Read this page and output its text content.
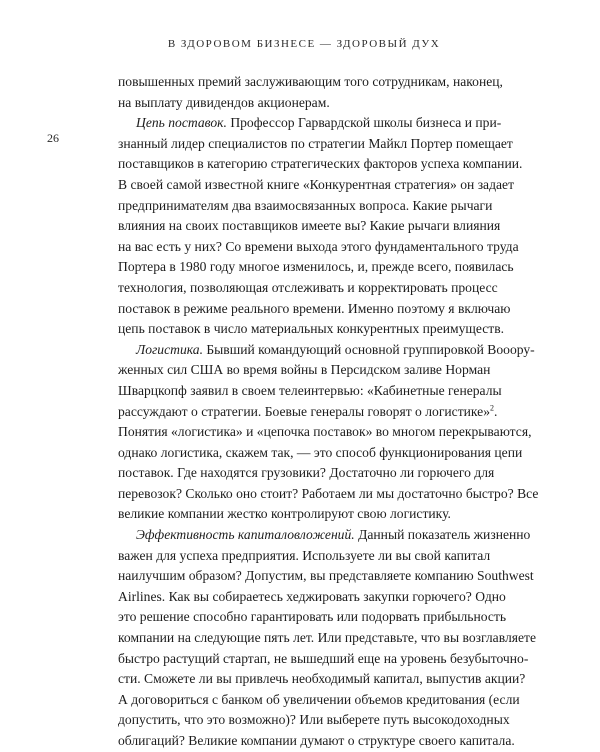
В ЗДОРОВОМ БИЗНЕСЕ — ЗДОРОВЫЙ ДУХ
26
повышенных премий заслуживающим того сотрудникам, наконец,
на выплату дивидендов акционерам.
Цепь поставок. Профессор Гарвардской школы бизнеса и при-
знанный лидер специалистов по стратегии Майкл Портер помещает
поставщиков в категорию стратегических факторов успеха компании.
В своей самой известной книге «Конкурентная стратегия» он задает
предпринимателям два взаимосвязанных вопроса. Какие рычаги
влияния на своих поставщиков имеете вы? Какие рычаги влияния
на вас есть у них? Со времени выхода этого фундаментального труда
Портера в 1980 году многое изменилось, и, прежде всего, появилась
технология, позволяющая отслеживать и корректировать процесс
поставок в режиме реального времени. Именно поэтому я включаю
цепь поставок в число материальных конкурентных преимуществ.
Логистика. Бывший командующий основной группировкой Вооору-
женных сил США во время войны в Персидском заливе Норман
Шварцкопф заявил в своем телеинтервью: «Кабинетные генералы
рассуждают о стратегии. Боевые генералы говорят о логистике»$^2$.
Понятия «логистика» и «цепочка поставок» во многом перекрываются,
однако логистика, скажем так, — это способ функционирования цепи
поставок. Где находятся грузовики? Достаточно ли горючего для
перевозок? Сколько оно стоит? Работаем ли мы достаточно быстро? Все
великие компании жестко контролируют свою логистику.
Эффективность капиталовложений. Данный показатель жизненно
важен для успеха предприятия. Используете ли вы свой капитал
наилучшим образом? Допустим, вы представляете компанию Southwest
Airlines. Как вы собираетесь хеджировать закупки горючего? Одно
это решение способно гарантировать или подорвать прибыльность
компании на следующие пять лет. Или представьте, что вы возглавляете
быстро растущий стартап, не вышедший еще на уровень безубыточно-
сти. Сможете ли вы привлечь необходимый капитал, выпустив акции?
А договориться с банком об увеличении объемов кредитования (если
допустить, что это возможно)? Или выберете путь высокодоходных
облигаций? Великие компании думают о структуре своего капитала.
